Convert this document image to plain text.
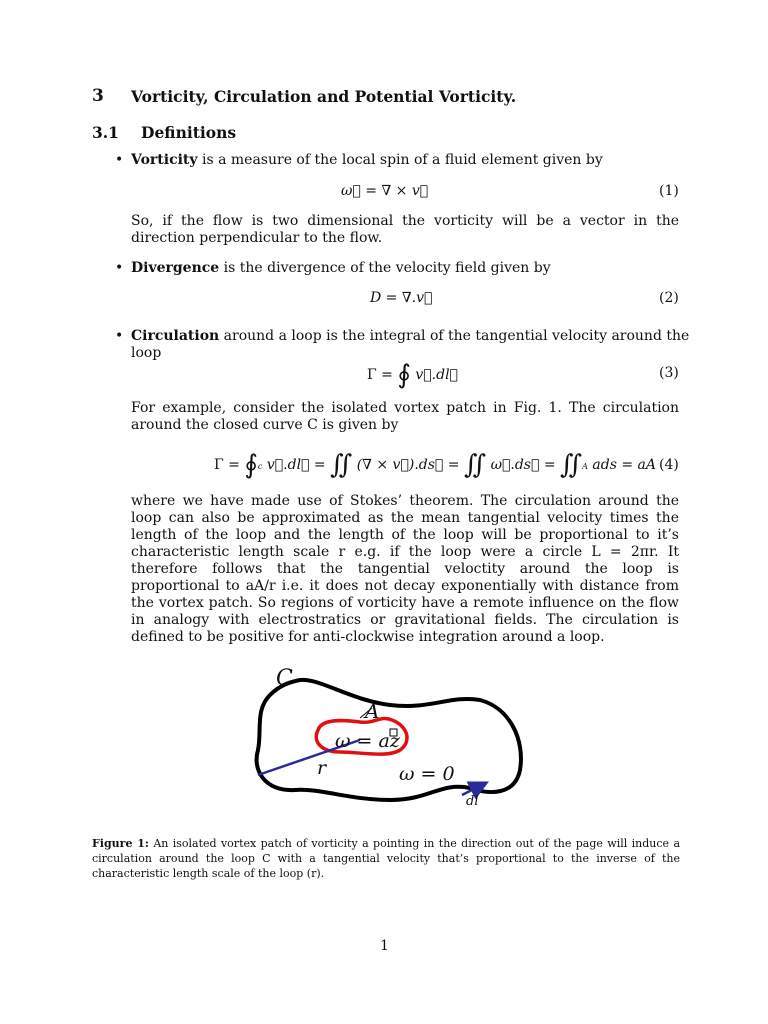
3 Vorticity, Circulation and Potential Vorticity.
3.1 Definitions
• Vorticity is a measure of the local spin of a fluid element given by
ω⃗ = ∇ × v⃗	(1)
So, if the flow is two dimensional the vorticity will be a vector in the direction perpendicular to the flow.
• Divergence is the divergence of the velocity field given by
D = ∇.v⃗	(2)
• Circulation around a loop is the integral of the tangential velocity around the loop
Γ = ∮ v⃗.dl⃗	(3)
For example, consider the isolated vortex patch in Fig. 1. The circulation around the closed curve C is given by
Γ = ∮c v⃗.dl⃗ = ∬ (∇ × v⃗).ds⃗ = ∬ ω⃗.ds⃗ = ∬A ads = aA (4)
where we have made use of Stokes’ theorem. The circulation around the loop can also be approximated as the mean tangential velocity times the length of the loop and the length of the loop will be proportional to it’s characteristic length scale r e.g. if the loop were a circle L = 2πr. It therefore follows that the tangential veloctity around the loop is proportional to aA/r i.e. it does not decay exponentially with distance from the vortex patch. So regions of vorticity have a remote influence on the flow in analogy with electrostratics or gravitational fields. The circulation is defined to be positive for anti-clockwise integration around a loop.
C
A
ω = az
r	ω = 0
dl
Figure 1: An isolated vortex patch of vorticity a pointing in the direction out of the page will induce a circulation around the loop C with a tangential velocity that’s proportional to the inverse of the characteristic length scale of the loop (r).
1
